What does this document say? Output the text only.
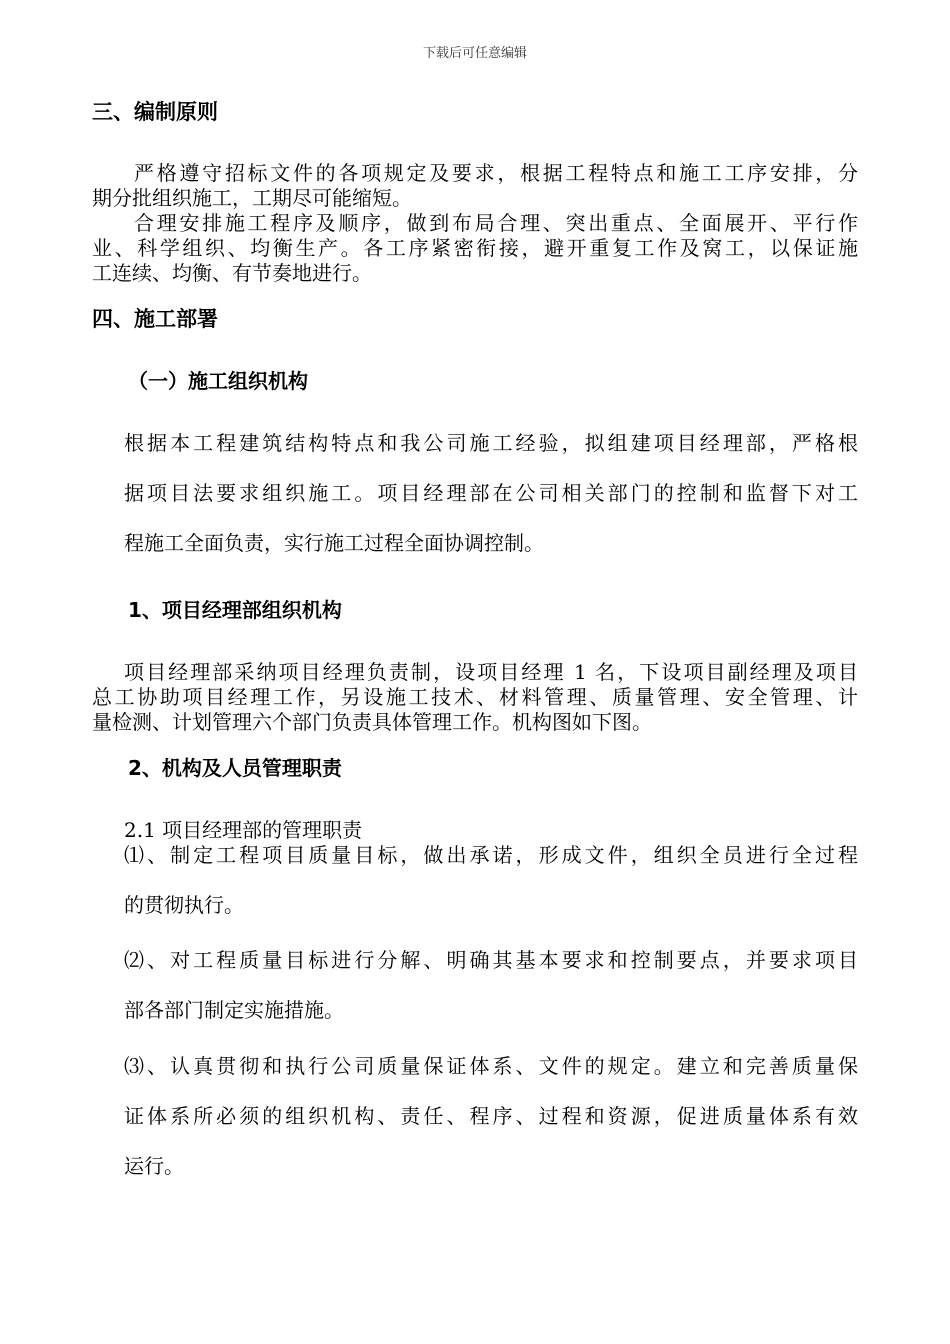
下载后可任意编辑
三、编制原则
严格遵守招标文件的各项规定及要求，根据工程特点和施工工序安排，分
期分批组织施工，工期尽可能缩短。
合理安排施工程序及顺序，做到布局合理、突出重点、全面展开、平行作
业、科学组织、均衡生产。各工序紧密衔接，避开重复工作及窝工，以保证施
工连续、均衡、有节奏地进行。
四、施工部署
（一）施工组织机构
根据本工程建筑结构特点和我公司施工经验，拟组建项目经理部，严格根
据项目法要求组织施工。项目经理部在公司相关部门的控制和监督下对工
程施工全面负责，实行施工过程全面协调控制。
1、项目经理部组织机构
项目经理部采纳项目经理负责制，设项目经理 1 名，下设项目副经理及项目
总工协助项目经理工作，另设施工技术、材料管理、质量管理、安全管理、计
量检测、计划管理六个部门负责具体管理工作。机构图如下图。
2、机构及人员管理职责
2.1 项目经理部的管理职责
⑴、制定工程项目质量目标，做出承诺，形成文件，组织全员进行全过程
的贯彻执行。
⑵、对工程质量目标进行分解、明确其基本要求和控制要点，并要求项目
部各部门制定实施措施。
⑶、认真贯彻和执行公司质量保证体系、文件的规定。建立和完善质量保
证体系所必须的组织机构、责任、程序、过程和资源，促进质量体系有效
运行。
